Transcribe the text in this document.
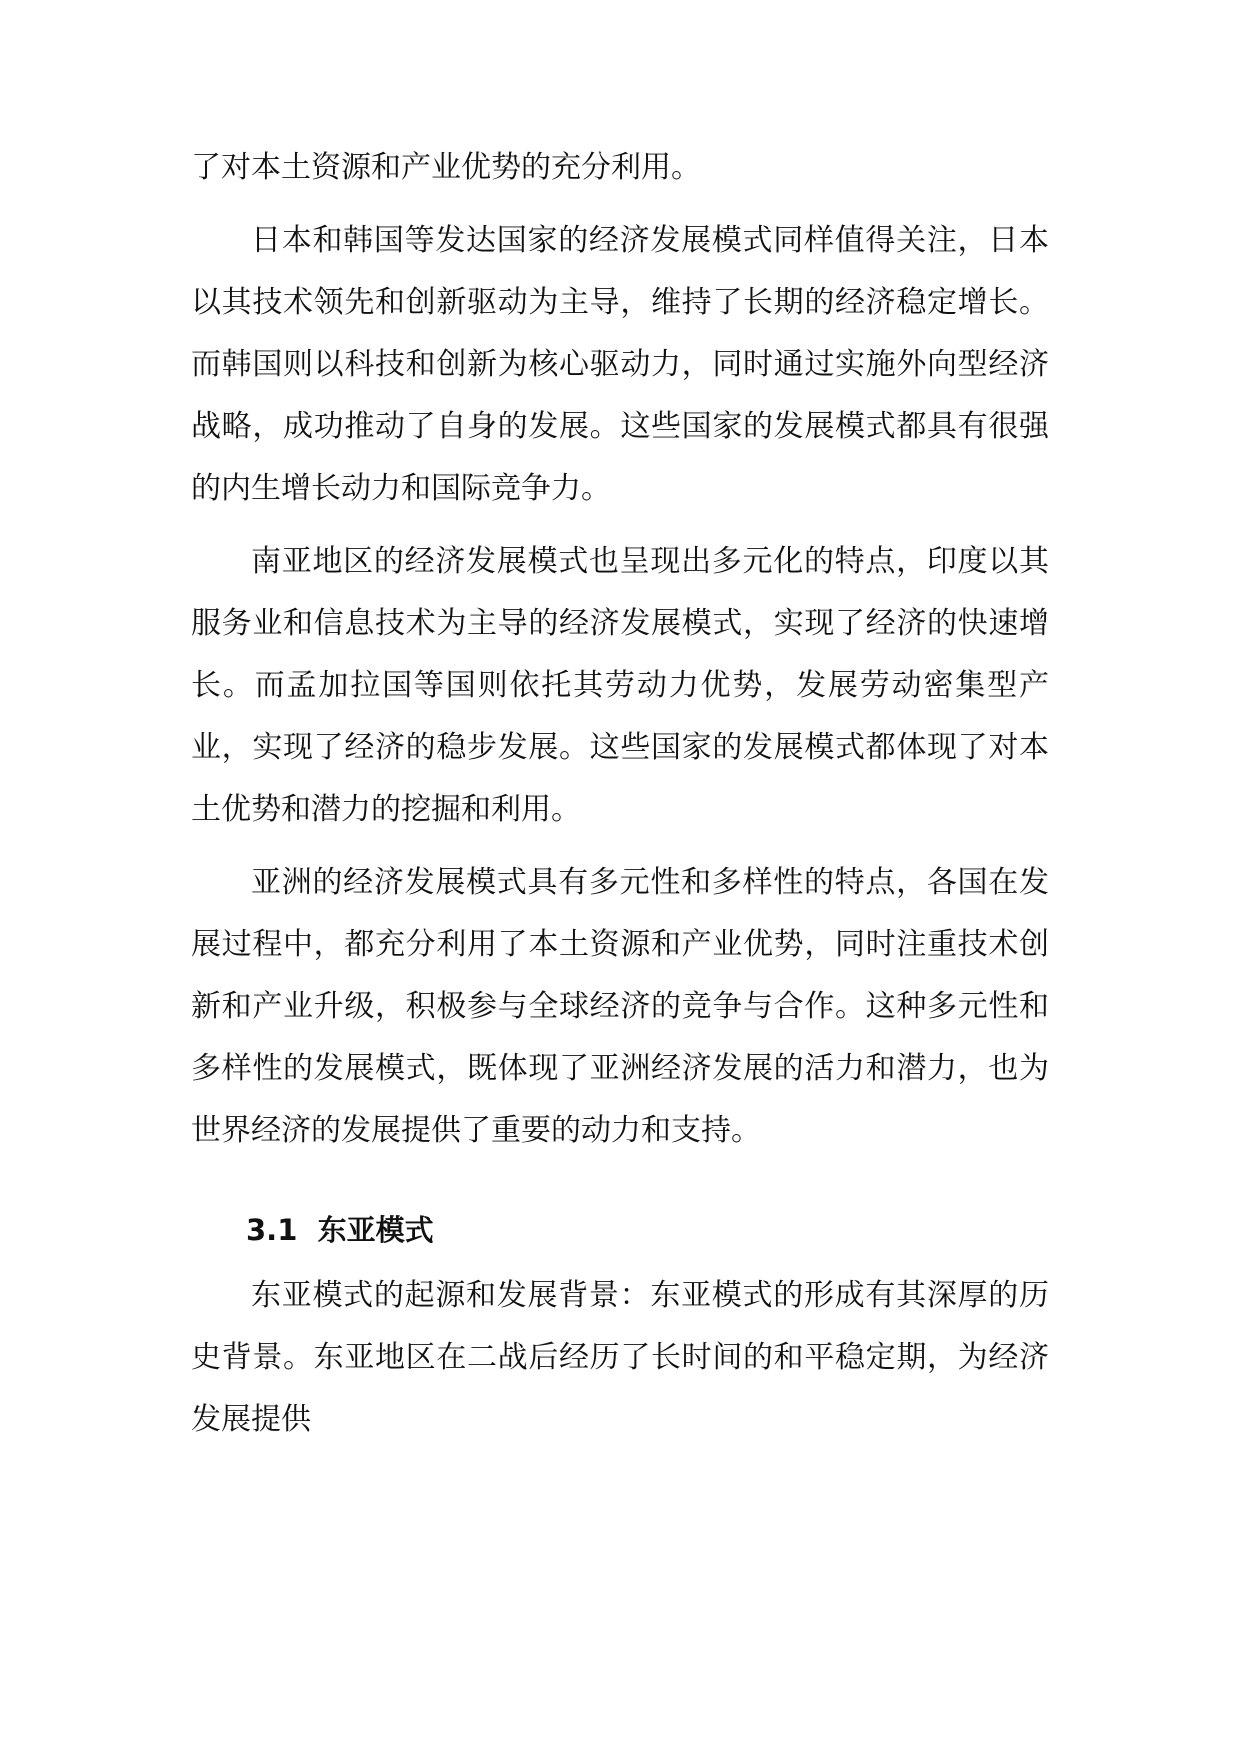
了对本土资源和产业优势的充分利用。

日本和韩国等发达国家的经济发展模式同样值得关注，日本以其技术领先和创新驱动为主导，维持了长期的经济稳定增长。而韩国则以科技和创新为核心驱动力，同时通过实施外向型经济战略，成功推动了自身的发展。这些国家的发展模式都具有很强的内生增长动力和国际竞争力。

南亚地区的经济发展模式也呈现出多元化的特点，印度以其服务业和信息技术为主导的经济发展模式，实现了经济的快速增长。而孟加拉国等国则依托其劳动力优势，发展劳动密集型产业，实现了经济的稳步发展。这些国家的发展模式都体现了对本土优势和潜力的挖掘和利用。

亚洲的经济发展模式具有多元性和多样性的特点，各国在发展过程中，都充分利用了本土资源和产业优势，同时注重技术创新和产业升级，积极参与全球经济的竞争与合作。这种多元性和多样性的发展模式，既体现了亚洲经济发展的活力和潜力，也为世界经济的发展提供了重要的动力和支持。

3.1 东亚模式

东亚模式的起源和发展背景：东亚模式的形成有其深厚的历史背景。东亚地区在二战后经历了长时间的和平稳定期，为经济发展提供
